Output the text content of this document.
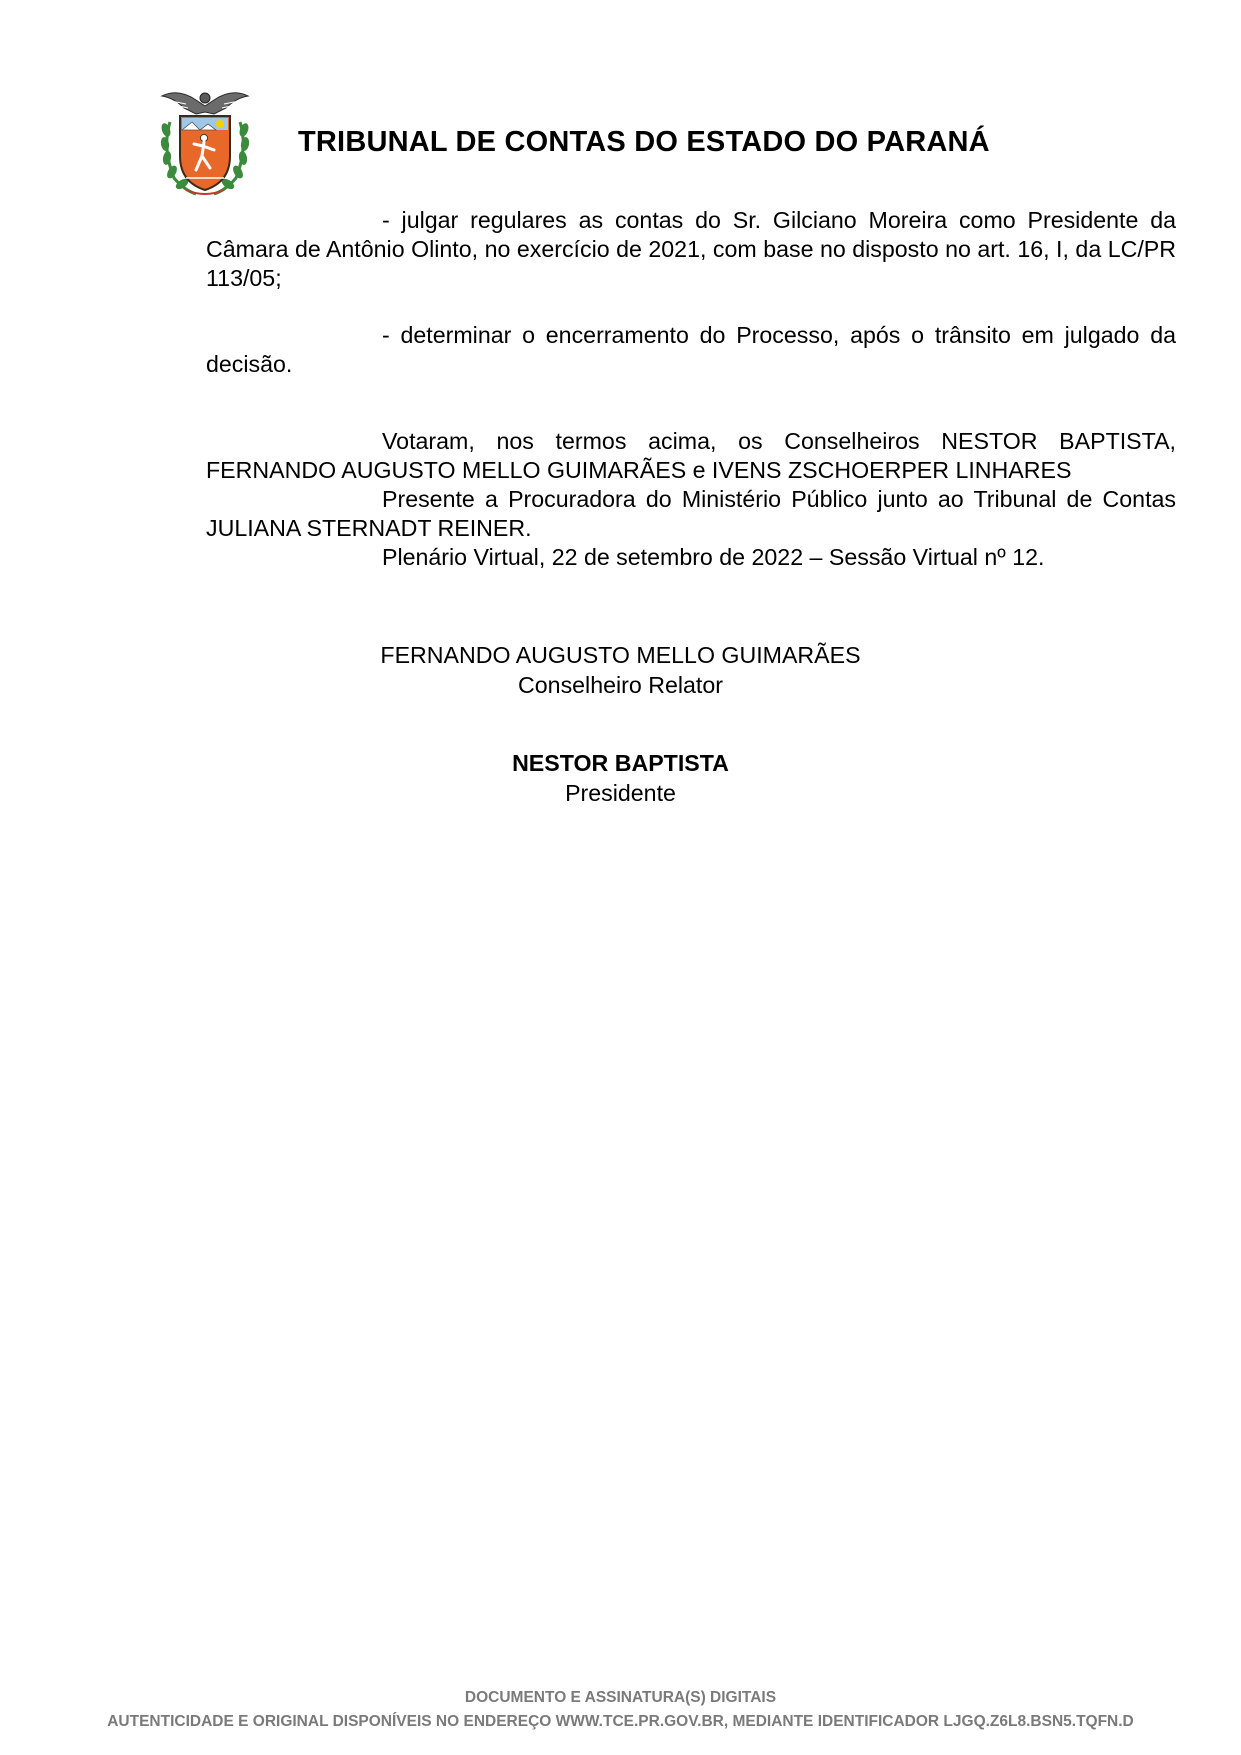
TRIBUNAL DE CONTAS DO ESTADO DO PARANÁ

- julgar regulares as contas do Sr. Gilciano Moreira como Presidente da Câmara de Antônio Olinto, no exercício de 2021, com base no disposto no art. 16, I, da LC/PR 113/05;

- determinar o encerramento do Processo, após o trânsito em julgado da decisão.

Votaram, nos termos acima, os Conselheiros NESTOR BAPTISTA, FERNANDO AUGUSTO MELLO GUIMARÃES e IVENS ZSCHOERPER LINHARES

Presente a Procuradora do Ministério Público junto ao Tribunal de Contas JULIANA STERNADT REINER.

Plenário Virtual, 22 de setembro de 2022 – Sessão Virtual nº 12.

FERNANDO AUGUSTO MELLO GUIMARÃES
Conselheiro Relator
NESTOR BAPTISTA
Presidente
DOCUMENTO E ASSINATURA(S) DIGITAIS
AUTENTICIDADE E ORIGINAL DISPONÍVEIS NO ENDEREÇO WWW.TCE.PR.GOV.BR, MEDIANTE IDENTIFICADOR LJGQ.Z6L8.BSN5.TQFN.D
